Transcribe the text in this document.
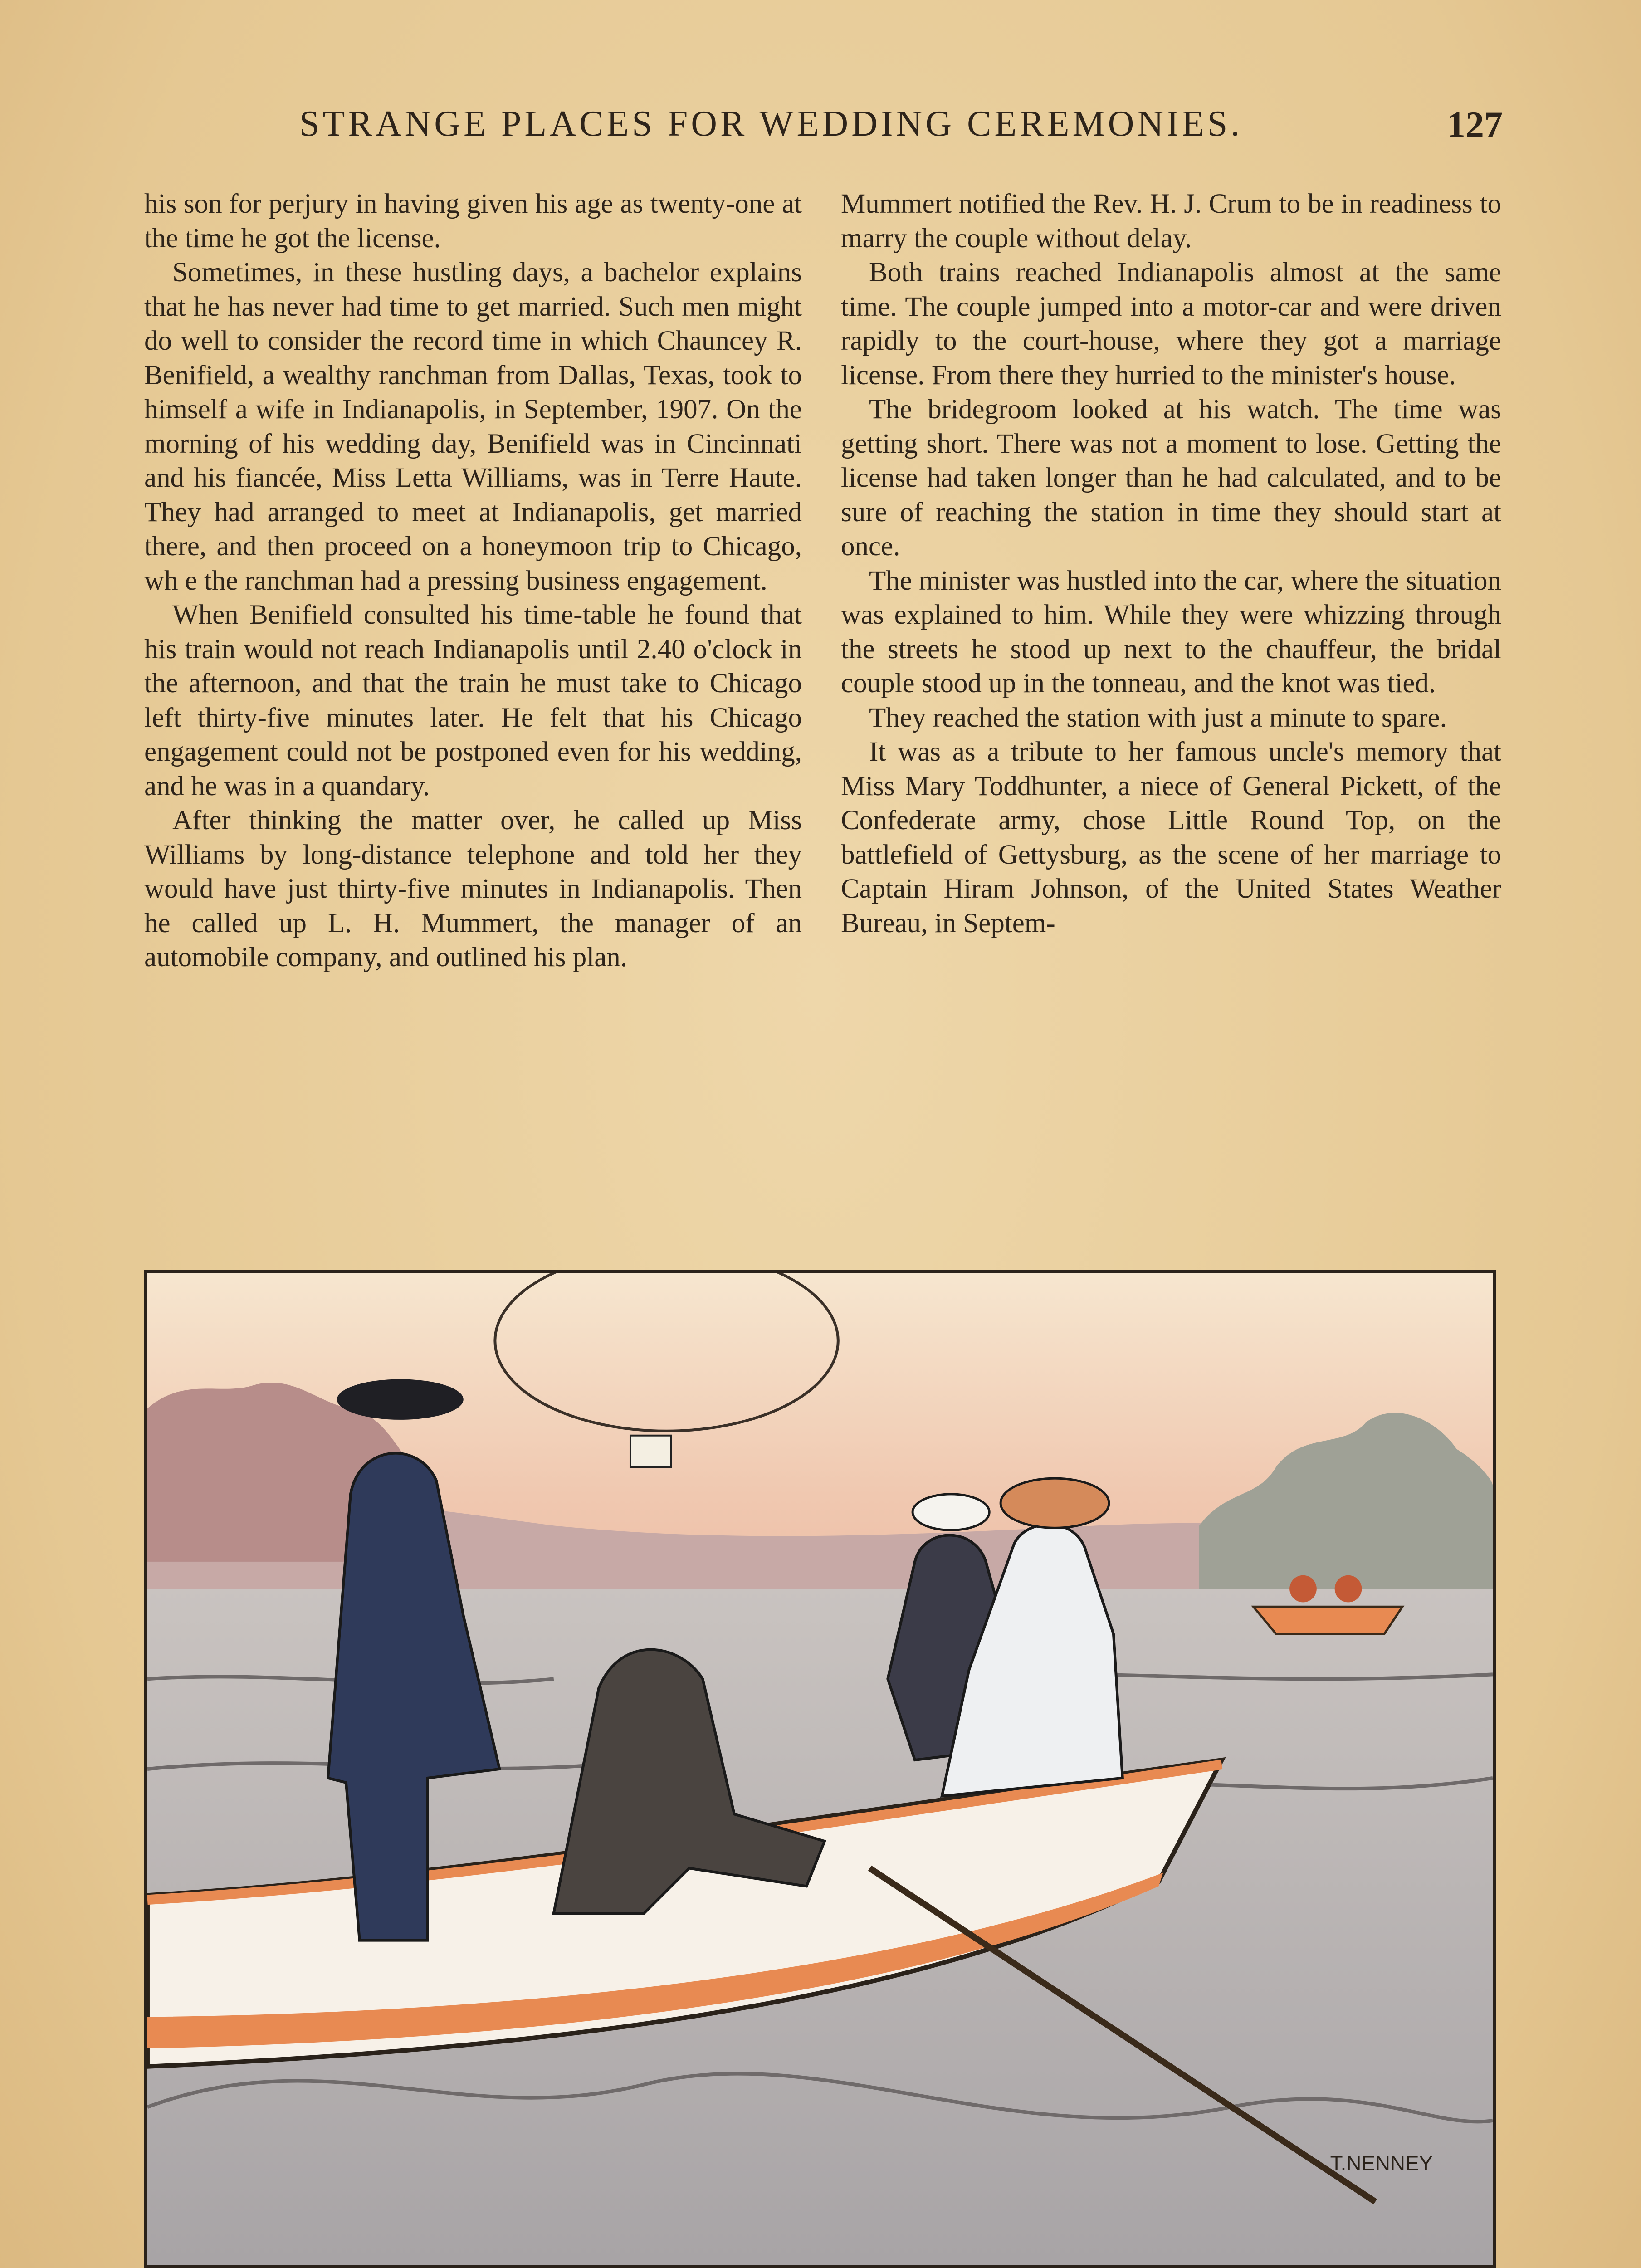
STRANGE PLACES FOR WEDDING CEREMONIES.	127

his son for perjury in having given his age as twenty-one at the time he got the license.

Sometimes, in these hustling days, a bachelor explains that he has never had time to get married. Such men might do well to consider the record time in which Chauncey R. Benifield, a wealthy ranchman from Dallas, Texas, took to himself a wife in Indianapolis, in September, 1907. On the morning of his wedding day, Benifield was in Cincinnati and his fiancée, Miss Letta Williams, was in Terre Haute. They had arranged to meet at Indianapolis, get married there, and then proceed on a honeymoon trip to Chicago, wh e the ranchman had a pressing business engagement.

When Benifield consulted his time-table he found that his train would not reach Indianapolis until 2.40 o'clock in the afternoon, and that the train he must take to Chicago left thirty-five minutes later. He felt that his Chicago engagement could not be postponed even for his wedding, and he was in a quandary.

After thinking the matter over, he called up Miss Williams by long-distance telephone and told her they would have just thirty-five minutes in Indianapolis. Then he called up L. H. Mummert, the manager of an automobile company, and outlined his plan.

Mummert notified the Rev. H. J. Crum to be in readiness to marry the couple without delay.

Both trains reached Indianapolis almost at the same time. The couple jumped into a motor-car and were driven rapidly to the court-house, where they got a marriage license. From there they hurried to the minister's house.

The bridegroom looked at his watch. The time was getting short. There was not a moment to lose. Getting the license had taken longer than he had calculated, and to be sure of reaching the station in time they should start at once.

The minister was hustled into the car, where the situation was explained to him. While they were whizzing through the streets he stood up next to the chauffeur, the bridal couple stood up in the tonneau, and the knot was tied.

They reached the station with just a minute to spare.

It was as a tribute to her famous uncle's memory that Miss Mary Toddhunter, a niece of General Pickett, of the Confederate army, chose Little Round Top, on the battlefield of Gettysburg, as the scene of her marriage to Captain Hiram Johnson, of the United States Weather Bureau, in Septem-

T.NENNEY
